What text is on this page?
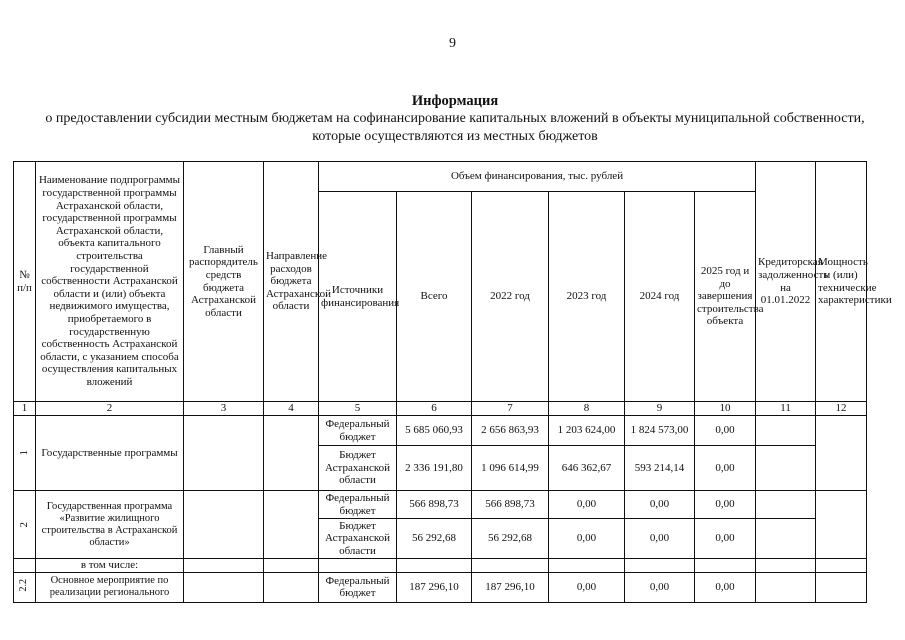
9
Информация
о предоставлении субсидии местным бюджетам на софинансирование капитальных вложений в объекты муниципальной собственности, которые осуществляются из местных бюджетов
№ п/п	Наименование подпрограммы государственной программы Астраханской области, государственной программы Астраханской области, объекта капитального строительства государственной собственности Астраханской области и (или) объекта недвижимого имущества, приобретаемого в государственную собственность Астраханской области, с указанием способа осуществления капитальных вложений	Главный распорядитель средств бюджета Астраханской области	Направление расходов бюджета Астраханской области	Объем финансирования, тыс. рублей						Кредиторская задолженность на 01.01.2022	Мощность и (или) технические характеристики
				Источники финансирования	Всего	2022 год	2023 год	2024 год	2025 год и до завершения строительства объекта		
1	2	3	4	5	6	7	8	9	10	11	12
1	Государственные программы			Федеральный бюджет	5 685 060,93	2 656 863,93	1 203 624,00	1 824 573,00	0,00		
				Бюджет Астраханской области	2 336 191,80	1 096 614,99	646 362,67	593 214,14	0,00		
2	Государственная программа «Развитие жилищного строительства в Астраханской области»			Федеральный бюджет	566 898,73	566 898,73	0,00	0,00	0,00		
				Бюджет Астраханской области	56 292,68	56 292,68	0,00	0,00	0,00		
	в том числе:										
2.2	Основное мероприятие по реализации регионального			Федеральный бюджет	187 296,10	187 296,10	0,00	0,00	0,00		
